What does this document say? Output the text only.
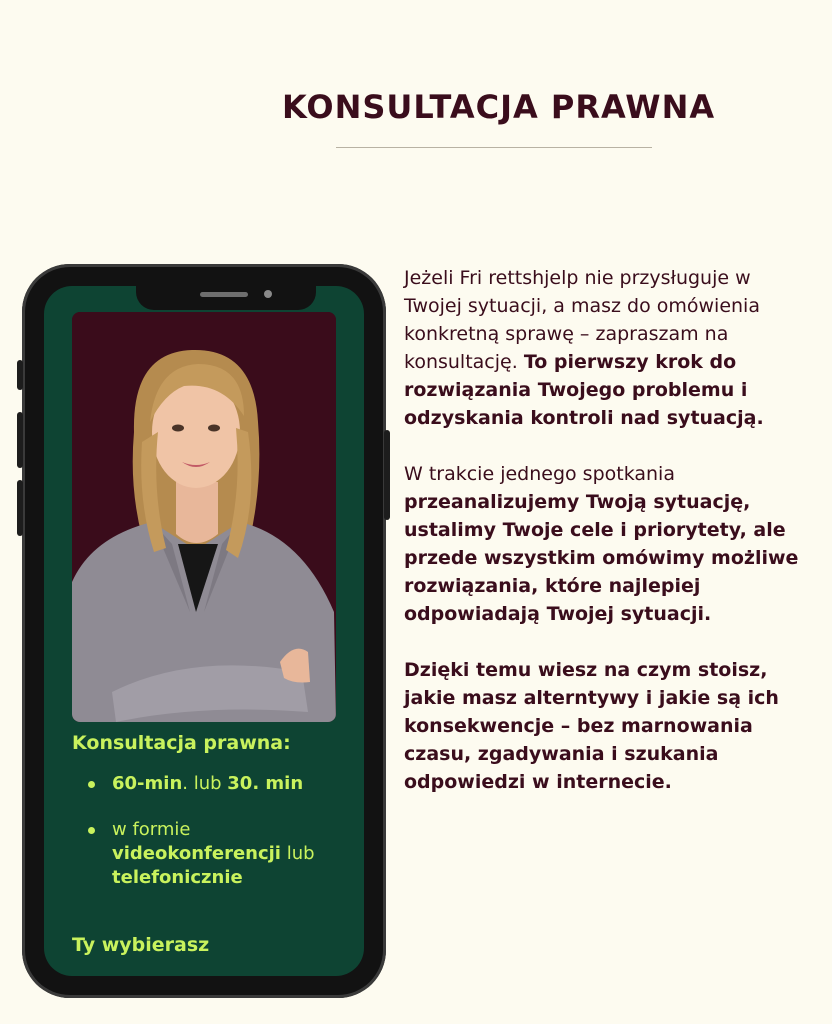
KONSULTACJA PRAWNA

Konsultacja prawna:

60-min. lub 30. min
w formie
videokonferencji lub telefonicznie

Ty wybierasz

Jeżeli Fri rettshjelp nie przysługuje w Twojej sytuacji, a masz do omówienia konkretną sprawę – zapraszam na konsultację. To pierwszy krok do rozwiązania Twojego problemu i odzyskania kontroli nad sytuacją.

W trakcie jednego spotkania przeanalizujemy Twoją sytuację, ustalimy Twoje cele i priorytety, ale przede wszystkim omówimy możliwe rozwiązania, które najlepiej odpowiadają Twojej sytuacji.

Dzięki temu wiesz na czym stoisz, jakie masz alterntywy i jakie są ich konsekwencje – bez marnowania czasu, zgadywania i szukania odpowiedzi w internecie.
